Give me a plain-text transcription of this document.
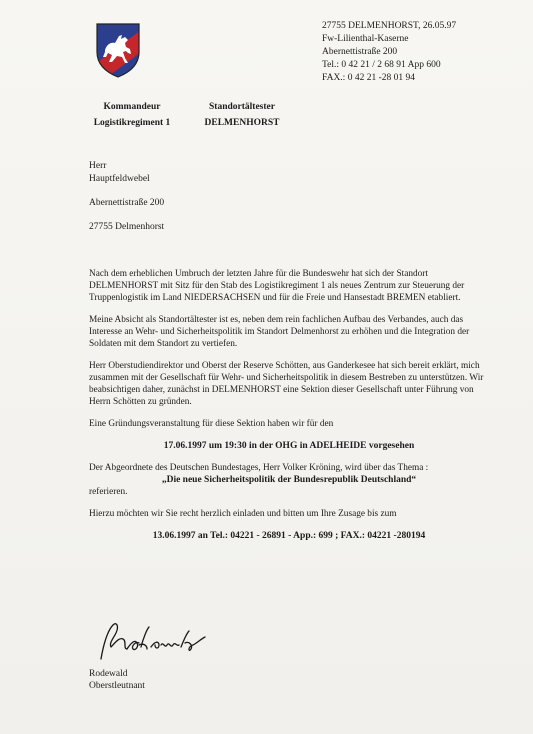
Kommandeur
Logistikregiment 1
Standortältester
DELMENHORST
27755 DELMENHORST, 26.05.97
Fw-Lilienthal-Kaserne
Abernettistraße 200
Tel.: 0 42 21 / 2 68 91 App 600
FAX.: 0 42 21 -28 01 94
Herr
Hauptfeldwebel
Abernettistraße 200
27755 Delmenhorst

Nach dem erheblichen Umbruch der letzten Jahre für die Bundeswehr hat sich der Standort DELMENHORST mit Sitz für den Stab des Logistikregiment 1 als neues Zentrum zur Steuerung der Truppenlogistik im Land NIEDERSACHSEN und für die Freie und Hansestadt BREMEN etabliert.

Meine Absicht als Standortältester ist es, neben dem rein fachlichen Aufbau des Verbandes, auch das Interesse an Wehr- und Sicherheitspolitik im Standort Delmenhorst zu erhöhen und die Integration der Soldaten mit dem Standort zu vertiefen.

Herr Oberstudiendirektor und Oberst der Reserve Schötten, aus Ganderkesee hat sich bereit erklärt, mich zusammen mit der Gesellschaft für Wehr- und Sicherheitspolitik in diesem Bestreben zu unterstützen. Wir beabsichtigen daher, zunächst in DELMENHORST eine Sektion dieser Gesellschaft unter Führung von Herrn Schötten zu gründen.

Eine Gründungsveranstaltung für diese Sektion haben wir für den

17.06.1997 um 19:30 in der OHG in ADELHEIDE vorgesehen

Der Abgeordnete des Deutschen Bundestages, Herr Volker Kröning, wird über das Thema :

„Die neue Sicherheitspolitik der Bundesrepublik Deutschland“

referieren.

Hierzu möchten wir Sie recht herzlich einladen und bitten um Ihre Zusage bis zum

13.06.1997 an Tel.: 04221 - 26891 - App.: 699 ; FAX.: 04221 -280194
Rodewald
Oberstleutnant
